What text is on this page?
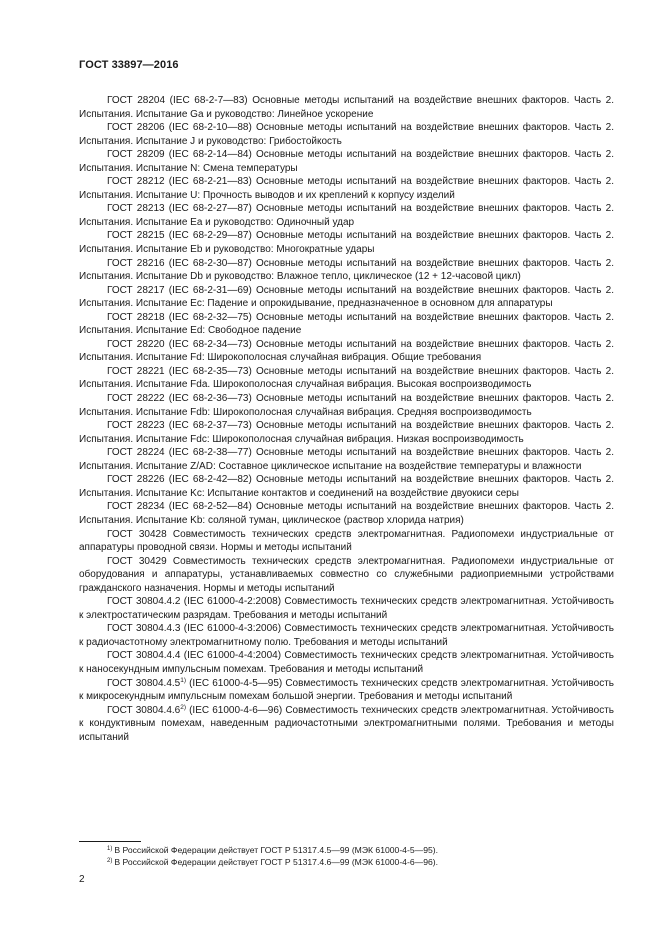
ГОСТ 33897—2016

ГОСТ 28204 (IEC 68-2-7—83) Основные методы испытаний на воздействие внешних факторов. Часть 2. Испытания. Испытание Ga и руководство: Линейное ускорение

ГОСТ 28206 (IEC 68-2-10—88) Основные методы испытаний на воздействие внешних факторов. Часть 2. Испытания. Испытание J и руководство: Грибостойкость

ГОСТ 28209 (IEC 68-2-14—84) Основные методы испытаний на воздействие внешних факторов. Часть 2. Испытания. Испытание N: Смена температуры

ГОСТ 28212 (IEC 68-2-21—83) Основные методы испытаний на воздействие внешних факторов. Часть 2. Испытания. Испытание U: Прочность выводов и их креплений к корпусу изделий

ГОСТ 28213 (IEC 68-2-27—87) Основные методы испытаний на воздействие внешних факторов. Часть 2. Испытания. Испытание Ea и руководство: Одиночный удар

ГОСТ 28215 (IEC 68-2-29—87) Основные методы испытаний на воздействие внешних факторов. Часть 2. Испытания. Испытание Eb и руководство: Многократные удары

ГОСТ 28216 (IEC 68-2-30—87) Основные методы испытаний на воздействие внешних факторов. Часть 2. Испытания. Испытание Db и руководство: Влажное тепло, циклическое (12 + 12-часовой цикл)

ГОСТ 28217 (IEC 68-2-31—69) Основные методы испытаний на воздействие внешних факторов. Часть 2. Испытания. Испытание Ec: Падение и опрокидывание, предназначенное в основном для аппаратуры

ГОСТ 28218 (IEC 68-2-32—75) Основные методы испытаний на воздействие внешних факторов. Часть 2. Испытания. Испытание Ed: Свободное падение

ГОСТ 28220 (IEC 68-2-34—73) Основные методы испытаний на воздействие внешних факторов. Часть 2. Испытания. Испытание Fd: Широкополосная случайная вибрация. Общие требования

ГОСТ 28221 (IEC 68-2-35—73) Основные методы испытаний на воздействие внешних факторов. Часть 2. Испытания. Испытание Fda. Широкополосная случайная вибрация. Высокая воспроизводимость

ГОСТ 28222 (IEC 68-2-36—73) Основные методы испытаний на воздействие внешних факторов. Часть 2. Испытания. Испытание Fdb: Широкополосная случайная вибрация. Средняя воспроизводимость

ГОСТ 28223 (IEC 68-2-37—73) Основные методы испытаний на воздействие внешних факторов. Часть 2. Испытания. Испытание Fdc: Широкополосная случайная вибрация. Низкая воспроизводимость

ГОСТ 28224 (IEC 68-2-38—77) Основные методы испытаний на воздействие внешних факторов. Часть 2. Испытания. Испытание Z/AD: Составное циклическое испытание на воздействие температуры и влажности

ГОСТ 28226 (IEC 68-2-42—82) Основные методы испытаний на воздействие внешних факторов. Часть 2. Испытания. Испытание Kc: Испытание контактов и соединений на воздействие двуокиси серы

ГОСТ 28234 (IEC 68-2-52—84) Основные методы испытаний на воздействие внешних факторов. Часть 2. Испытания. Испытание Kb: соляной туман, циклическое (раствор хлорида натрия)

ГОСТ 30428 Совместимость технических средств электромагнитная. Радиопомехи индустриальные от аппаратуры проводной связи. Нормы и методы испытаний

ГОСТ 30429 Совместимость технических средств электромагнитная. Радиопомехи индустриальные от оборудования и аппаратуры, устанавливаемых совместно со служебными радиоприемными устройствами гражданского назначения. Нормы и методы испытаний

ГОСТ 30804.4.2 (IEC 61000-4-2:2008) Совместимость технических средств электромагнитная. Устойчивость к электростатическим разрядам. Требования и методы испытаний

ГОСТ 30804.4.3 (IEC 61000-4-3:2006) Совместимость технических средств электромагнитная. Устойчивость к радиочастотному электромагнитному полю. Требования и методы испытаний

ГОСТ 30804.4.4 (IEC 61000-4-4:2004) Совместимость технических средств электромагнитная. Устойчивость к наносекундным импульсным помехам. Требования и методы испытаний

ГОСТ 30804.4.5$^{1)}$ (IEC 61000-4-5—95) Совместимость технических средств электромагнитная. Устойчивость к микросекундным импульсным помехам большой энергии. Требования и методы испытаний

ГОСТ 30804.4.6$^{2)}$ (IEC 61000-4-6—96) Совместимость технических средств электромагнитная. Устойчивость к кондуктивным помехам, наведенным радиочастотными электромагнитными полями. Требования и методы испытаний

$^{1)}$ В Российской Федерации действует ГОСТ Р 51317.4.5—99 (МЭК 61000-4-5—95).

$^{2)}$ В Российской Федерации действует ГОСТ Р 51317.4.6—99 (МЭК 61000-4-6—96).

2
